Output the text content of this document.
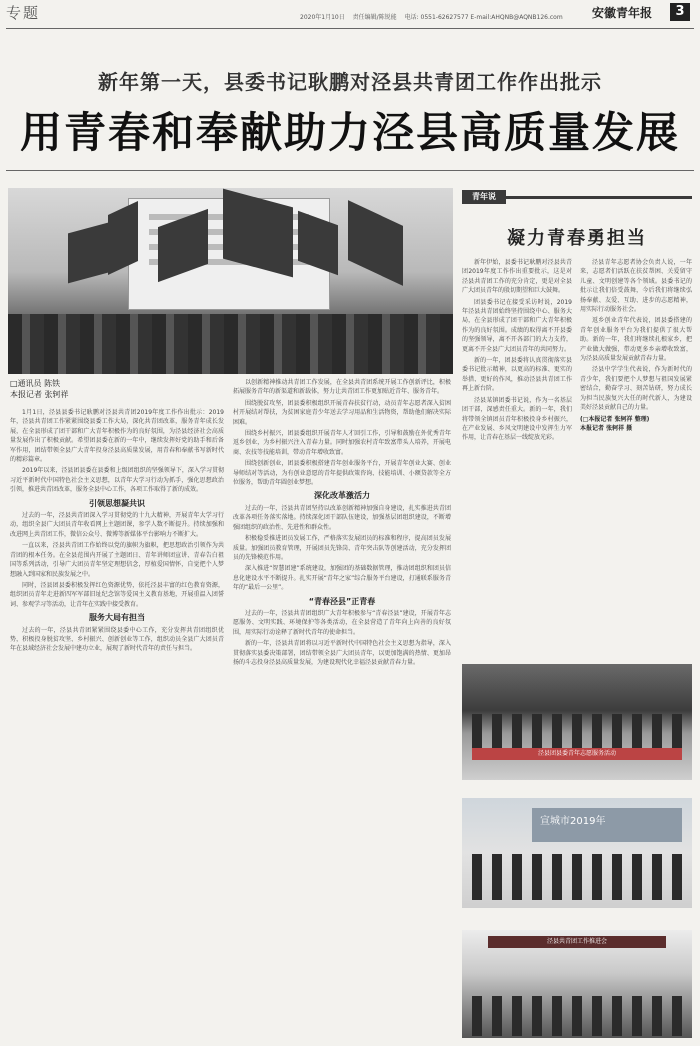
专题	2020年1月10日 责任编辑/陈锐能 电话: 0551-62627577 E-mail:AHQNB@AQNB126.com	安徽青年报	3
新年第一天，县委书记耿鹏对泾县共青团工作作出批示
用青春和奉献助力泾县高质量发展
□通讯员 陈铁
本报记者 张轲祥

1月1日，泾县县委书记耿鹏对泾县共青团2019年度工作作出批示：2019年，泾县共青团工作紧紧围绕县委工作大局，深化共青团改革，服务青年成长发展，在全县形成了团干部和广大青年积极作为的良好氛围，为泾县经济社会高质量发展作出了积极贡献。希望团县委在新的一年中，继续发挥好党的助手和后备军作用，团结带领全县广大青年投身泾县高质量发展，用青春和奉献书写新时代的精彩篇章。

2019年以来，泾县团县委在县委和上级团组织的坚强领导下，深入学习贯彻习近平新时代中国特色社会主义思想，以青年大学习行动为抓手，强化思想政治引领，推进共青团改革，服务全县中心工作，各项工作取得了新的成效。

引领思想凝共识

过去的一年，泾县共青团深入学习贯彻党的十九大精神，开展青年大学习行动，组织全县广大团员青年收看网上主题团课，参学人数不断提升。持续加强和改进网上共青团工作，微信公众号、微博等新媒体平台影响力不断扩大。

一直以来，泾县共青团工作始终以党的旗帜为旗帜，把思想政治引领作为共青团的根本任务。在全县范围内开展了主题团日、青年讲师团宣讲、青春告白祖国等系列活动，引导广大团员青年坚定理想信念，厚植爱国情怀，自觉把个人梦想融入到国家和民族发展之中。

同时，泾县团县委积极发挥红色资源优势，依托泾县丰富的红色教育资源，组织团员青年走进新四军军部旧址纪念馆等爱国主义教育基地，开展重温入团誓词、参观学习等活动，让青年在实践中接受教育。

服务大局有担当

过去的一年，泾县共青团紧紧围绕县委中心工作，充分发挥共青团组织优势，积极投身脱贫攻坚、乡村振兴、创新创业等工作，组织动员全县广大团员青年在县域经济社会发展中建功立业，展现了新时代青年的责任与担当。

以创新精神推动共青团工作发展，在全县共青团系统开展工作创新评比，积极拓展服务青年的新渠道和新载体，努力让共青团工作更加贴近青年、服务青年。

围绕脱贫攻坚，团县委积极组织开展青春扶贫行动，动员青年志愿者深入贫困村开展结对帮扶，为贫困家庭青少年送去学习用品和生活物资，帮助他们解决实际困难。

围绕乡村振兴，团县委组织开展青年人才回引工作，引导和鼓励在外优秀青年返乡创业，为乡村振兴注入青春力量。同时加强农村青年致富带头人培养，开展电商、农技等技能培训，带动青年增收致富。

围绕创新创业，团县委积极搭建青年创业服务平台，开展青年创业大赛、创业导师结对等活动，为有创业意愿的青年提供政策咨询、技能培训、小额贷款等全方位服务，帮助青年圆创业梦想。

深化改革激活力

过去的一年，泾县共青团坚持以改革创新精神加强自身建设，扎实推进共青团改革各项任务落实落地。持续深化团干部队伍建设，加强基层团组织建设，不断增强团组织的政治性、先进性和群众性。

积极稳妥推进团员发展工作，严格落实发展团员的标准和程序，提高团员发展质量。加强团员教育管理，开展团员先锋岗、青年突击队等创建活动，充分发挥团员的先锋模范作用。

深入推进“智慧团建”系统建设，加强团的基础数据管理，推动团组织和团员信息化建设水平不断提升。扎实开展“青年之家”综合服务平台建设，打通联系服务青年的“最后一公里”。

“青春泾县”正青春

过去的一年，泾县共青团组织广大青年积极参与“青春泾县”建设，开展青年志愿服务、文明实践、环境保护等各类活动，在全县营造了青年向上向善的良好氛围，用实际行动诠释了新时代青年的使命担当。

新的一年，泾县共青团将以习近平新时代中国特色社会主义思想为指导，深入贯彻落实县委决策部署，团结带领全县广大团员青年，以更加饱满的热情、更加昂扬的斗志投身泾县高质量发展，为建设现代化幸福泾县贡献青春力量。

青年说
凝力青春勇担当

新年伊始，县委书记耿鹏对泾县共青团2019年度工作作出重要批示，这是对泾县共青团工作的充分肯定，更是对全县广大团员青年的殷切期望和巨大鼓舞。

团县委书记在接受采访时说，2019年泾县共青团始终坚持围绕中心、服务大局，在全县形成了团干部和广大青年积极作为的良好氛围。成绩的取得离不开县委的坚强领导，离不开各部门的大力支持，更离不开全县广大团员青年的共同努力。

新的一年，团县委将认真贯彻落实县委书记批示精神，以更高的标准、更实的举措、更好的作风，推动泾县共青团工作再上新台阶。

泾县某镇团委书记说，作为一名基层团干部，深感责任重大。新的一年，我们将带领全镇团员青年积极投身乡村振兴，在产业发展、乡风文明建设中发挥生力军作用，让青春在基层一线绽放光彩。

泾县青年志愿者协会负责人说，一年来，志愿者们活跃在扶贫帮困、关爱留守儿童、文明创建等各个领域。县委书记的批示让我们倍受鼓舞，今后我们将继续弘扬奉献、友爱、互助、进步的志愿精神，用实际行动服务社会。

返乡创业青年代表说，团县委搭建的青年创业服务平台为我们提供了很大帮助。新的一年，我们将继续扎根家乡，把产业做大做强，带动更多乡亲增收致富，为泾县高质量发展贡献青春力量。

泾县中学学生代表说，作为新时代的青少年，我们要把个人梦想与祖国发展紧密结合，勤奋学习、刻苦钻研，努力成长为担当民族复兴大任的时代新人，为建设美好泾县贡献自己的力量。

(□本报记者 张轲祥 整理)
本报记者 张轲祥 摄
泾县团县委青年志愿服务活动
宣城市2019年
泾县共青团工作推进会
